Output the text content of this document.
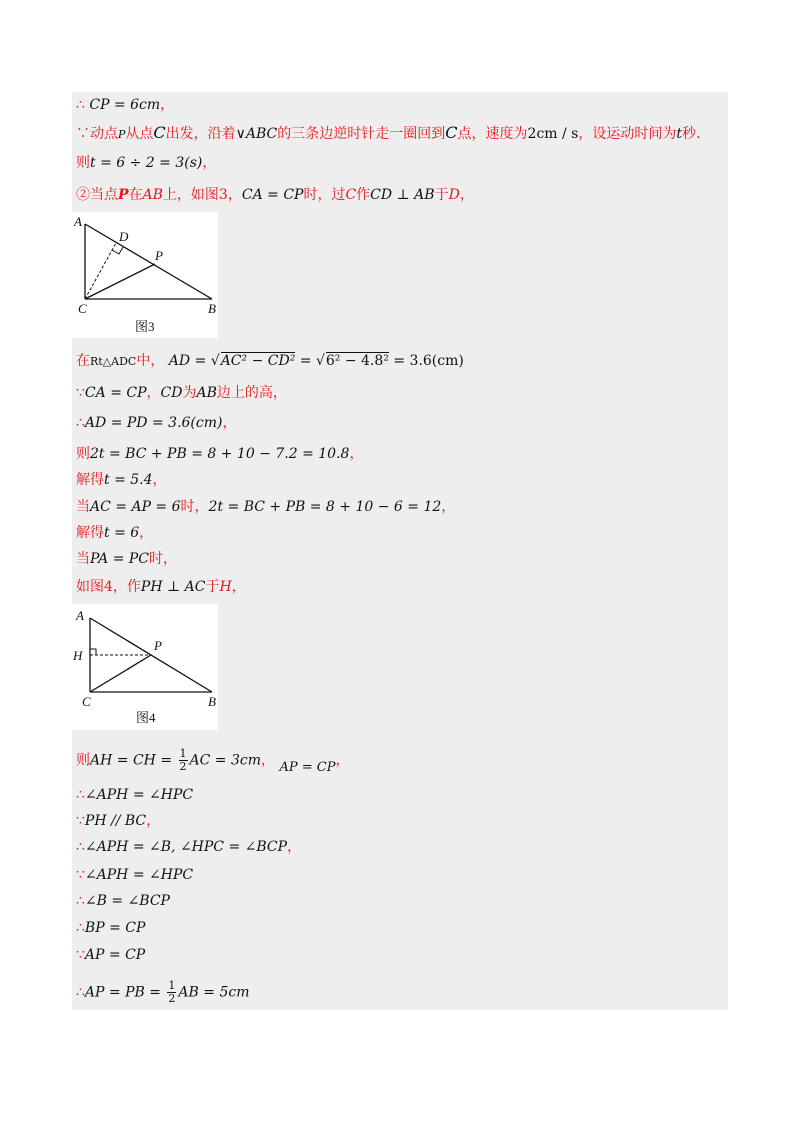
∴ CP = 6cm，
∵动点P从点C出发，沿着∨ABC的三条边逆时针走一圈回到C点，速度为2cm / s，设运动时间为t秒.
则t = 6 ÷ 2 = 3(s)，
②当点P在AB上，如图3，CA = CP时，过C作CD ⊥ AB于D，
A
D
P
C	B
图3
在Rt△ADC中， AD = √AC² − CD² = √6² − 4.8² = 3.6(cm)
∵CA = CP，CD为AB边上的高，
∴AD = PD = 3.6(cm)，
则2t = BC + PB = 8 + 10 − 7.2 = 10.8，
解得t = 5.4，
当AC = AP = 6时，2t = BC + PB = 8 + 10 − 6 = 12，
解得t = 6，
当PA = PC时，
如图4，作PH ⊥ AC于H，
A
H
P
C	B
图4
则AH = CH = $\frac{1}{2}$ AC = 3cm， AP = CP，
∴∠APH = ∠HPC
∵PH // BC，
∴∠APH = ∠B, ∠HPC = ∠BCP，
∵∠APH = ∠HPC
∴∠B = ∠BCP
∴BP = CP
∵AP = CP
∴AP = PB = $\frac{1}{2}$ AB = 5cm
